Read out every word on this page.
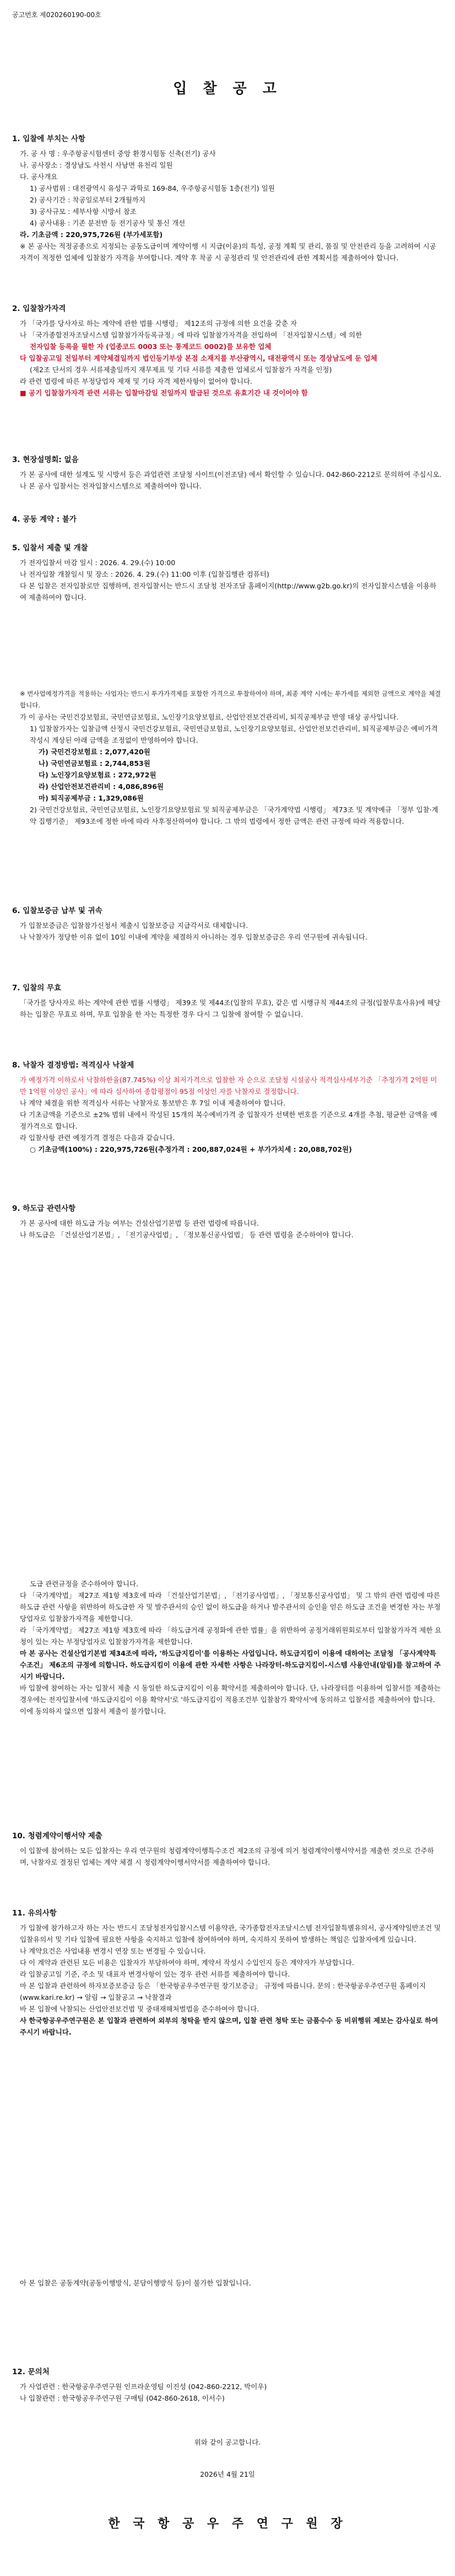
공고번호 제020260190-00호
입 찰 공 고
1. 입찰에 부치는 사항
가. 공 사 명 : 우주항공시험센터 중앙 환경시험동 신축(전기) 공사
나. 공사장소 : 경상남도 사천시 사남면 유천리 일원
다. 공사개요
1) 공사범위 : 대전광역시 유성구 과학로 169-84, 우주항공시험동 1층(전기) 일원
2) 공사기간 : 착공일로부터 2개월까지
3) 공사규모 : 세부사항 시방서 참조
4) 공사내용 : 기존 분전반 등 전기공사 및 통신 개선
라. 기초금액 : 220,975,726원 (부가세포함)
※ 본 공사는 적정공종으로 지정되는 공동도급이며 계약이행 시 지급(이윤)의 특성, 공정 계획 및 관리, 품질 및 안전관리 등을 고려하여 시공자격이 적정한 업체에 입찰참가 자격을 부여합니다. 계약 후 착공 시 공정관리 및 안전관리에 관한 계획서를 제출하여야 합니다.
2. 입찰참가자격
가 「국가를 당사자로 하는 계약에 관한 법률 시행령」 제12조의 규정에 의한 요건을 갖춘 자
나 「국가종합전자조달시스템 입찰참가자등록규정」에 따라 입찰참가자격을 전입하여 「전자입찰시스템」에 의한
전자입찰 등록을 필한 자 (업종코드 0003 또는 통계코드 0002)를 보유한 업체
다 입찰공고일 전일부터 계약체결일까지 법인등기부상 본점 소재지를 부산광역시, 대전광역시 또는 경상남도에 둔 업체
(제2조 단서의 경우 서류제출일까지 재무제표 및 기타 서류를 제출한 업체로서 입찰참가 자격을 인정)
라 관련 법령에 따른 부정당업자 제재 및 기타 자격 제한사항이 없어야 합니다.
■ 공기 입찰참가자격 관련 서류는 입찰마감일 전일까지 발급된 것으로 유효기간 내 것이어야 함
3. 현장설명회: 없음
가 본 공사에 대한 설계도 및 시방서 등은 과업관련 조달청 사이트(이전조달) 에서 확인할 수 있습니다. 042-860-2212로 문의하여 주십시오.
나 본 공사 입찰서는 전자입찰시스템으로 제출하여야 합니다.
4. 공동 계약 : 불가
5. 입찰서 제출 및 개찰
가 전자입찰서 마감 일시 : 2026. 4. 29.(수) 10:00
나 전자입찰 개찰일시 및 장소 : 2026. 4. 29.(수) 11:00 이후 (입찰집행관 컴퓨터)
다 본 입찰은 전자입찰로만 집행하며, 전자입찰서는 반드시 조달청 전자조달 홈페이지(http://www.g2b.go.kr)의 전자입찰시스템을 이용하여 제출하여야 합니다.
※ 번사업예정가격을 적용하는 사업자는 반드시 투가가격제를 포함한 가격으로 투찰하여야 하며, 최종 계약 시에는 투가세를 제외한 금액으로 계약을 체결합니다.
가 이 공사는 국민건강보험료, 국민연금보험료, 노인장기요양보험료, 산업안전보건관리비, 퇴직공제부금 반영 대상 공사입니다.
1) 입찰참가자는 입찰금액 산정시 국민건강보험료, 국민연금보험료, 노인장기요양보험료, 산업안전보건관리비, 퇴직공제부금은 예비가격 작성시 계상된 아래 금액을 조정없이 반영하여야 합니다.
가) 국민건강보험료 : 2,077,420원
나) 국민연금보험료 : 2,744,853원
다) 노인장기요양보험료 : 272,972원
라) 산업안전보건관리비 : 4,086,896원
마) 퇴직공제부금 : 1,329,086원
2) 국민건강보험료, 국민연금보험료, 노인장기요양보험료 및 퇴직공제부금은 「국가계약법 시행령」 제73조 및 계약예규 「정부 입찰·계약 집행기준」 제93조에 정한 바에 따라 사후정산하여야 합니다. 그 밖의 법령에서 정한 금액은 관련 규정에 따라 적용합니다.
6. 입찰보증금 납부 및 귀속
가 입찰보증금은 입찰참가신청서 제출시 입찰보증금 지급각서로 대체합니다.
나 낙찰자가 정당한 이유 없이 10일 이내에 계약을 체결하지 아니하는 경우 입찰보증금은 우리 연구원에 귀속됩니다.
7. 입찰의 무효
「국가를 당사자로 하는 계약에 관한 법률 시행령」 제39조 및 제44조(입찰의 무효), 같은 법 시행규칙 제44조의 규정(입찰무효사유)에 해당하는 입찰은 무효로 하며, 무효 입찰을 한 자는 특정한 경우 다시 그 입찰에 참여할 수 없습니다.
8. 낙찰자 결정방법: 적격심사 낙찰제
가 예정가격 이하로서 낙찰하한율(87.745%) 이상 최저가격으로 입찰한 자 순으로 조달청 시설공사 적격심사세부기준 「추정가격 2억원 미만 1억원 이상인 공사」에 따라 심사하여 종합평점이 95점 이상인 자를 낙찰자로 결정합니다.
나 계약 체결을 위한 적격심사 서류는 낙찰자로 통보받은 후 7일 이내 제출하여야 합니다.
다 기초금액을 기준으로 ±2% 범위 내에서 작성된 15개의 복수예비가격 중 입찰자가 선택한 번호를 기준으로 4개를 추첨, 평균한 금액을 예정가격으로 합니다.
라 입찰사항 관련 예정가격 결정은 다음과 같습니다.
○ 기초금액(100%) : 220,975,726원(추정가격 : 200,887,024원 + 부가가치세 : 20,088,702원)
9. 하도급 관련사항
가 본 공사에 대한 하도급 가능 여부는 건설산업기본법 등 관련 법령에 따릅니다.
나 하도급은 「건설산업기본법」, 「전기공사업법」, 「정보통신공사업법」 등 관련 법령을 준수하여야 합니다.
도급 관련규정을 준수하여야 합니다.
다 「국가계약법」 제27조 제1항 제3호에 따라 「건설산업기본법」, 「전기공사업법」, 「정보통신공사업법」 및 그 밖의 관련 법령에 따른 하도급 관련 사항을 위반하여 하도급한 자 및 발주관서의 승인 없이 하도급을 하거나 발주관서의 승인을 얻은 하도급 조건을 변경한 자는 부정당업자로 입찰참가자격을 제한합니다.
라 「국가계약법」 제27조 제1항 제3호에 따라 「하도급거래 공정화에 관한 법률」을 위반하여 공정거래위원회로부터 입찰참가자격 제한 요청이 있는 자는 부정당업자로 입찰참가자격을 제한합니다.
마 본 공사는 건설산업기본법 제34조에 따라, '하도급지킴이'를 이용하는 사업입니다. 하도급지킴이 이용에 대하여는 조달청 「공사계약특수조건」 제6조의 규정에 의합니다. 하도급지킴이 이용에 관한 자세한 사항은 나라장터-하도급지킴이-시스템 사용안내(알림)를 참고하여 주시기 바랍니다.
바 입찰에 참여하는 자는 입찰서 제출 시 동일한 하도급지킴이 이용 확약서를 제출하여야 합니다. 단, 나라장터를 이용하여 입찰서를 제출하는 경우에는 전자입찰서에 '하도급지킴이 이용 확약서'로 '하도급지킴이 적용조건부 입찰참가 확약서'에 동의하고 입찰서를 제출하여야 합니다. 이에 동의하지 않으면 입찰서 제출이 불가합니다.
10. 청렴계약이행서약 제출
이 입찰에 참여하는 모든 입찰자는 우리 연구원의 청렴계약이행특수조건 제2조의 규정에 의거 청렴계약이행서약서를 제출한 것으로 간주하며, 낙찰자로 결정된 업체는 계약 체결 시 청렴계약이행서약서를 제출하여야 합니다.
11. 유의사항
가 입찰에 참가하고자 하는 자는 반드시 조달청전자입찰시스템 이용약관, 국가종합전자조달시스템 전자입찰특별유의서, 공사계약일반조건 및 입찰유의서 및 기타 입찰에 필요한 사항을 숙지하고 입찰에 참여하여야 하며, 숙지하지 못하여 발생하는 책임은 입찰자에게 있습니다.
나 계약요건은 사업내용 변경시 연장 또는 변경될 수 있습니다.
다 이 계약과 관련된 모든 비용은 입찰자가 부담하여야 하며, 계약서 작성시 수입인지 등은 계약자가 부담합니다.
라 입찰공고일 기준, 주소 및 대표자 변경사항이 있는 경우 관련 서류를 제출하여야 합니다.
마 본 입찰과 관련하여 하자보증보증금 등은 「한국항공우주연구원 장기보증금」 규정에 따릅니다. 문의 : 한국항공우주연구원 홈페이지(www.kari.re.kr) → 알림 → 입찰공고 → 낙찰결과
바 본 입찰에 낙찰되는 산업안전보건법 및 중대재해처벌법을 준수하여야 합니다.
사 한국항공우주연구원은 본 입찰과 관련하여 외부의 청탁을 받지 않으며, 입찰 관련 청탁 또는 금품수수 등 비위행위 제보는 감사실로 하여 주시기 바랍니다.
아 본 입찰은 공동계약(공동이행방식, 분담이행방식 등)이 불가한 입찰입니다.
12. 문의처
가 사업관련 : 한국항공우주연구원 인프라운영팀 이진성 (042-860-2212, 박이우)
나 입찰관련 : 한국항공우주연구원 구매팀 (042-860-2618, 이서수)
위와 같이 공고합니다.
2026년 4월 21일
한 국 항 공 우 주 연 구 원 장
